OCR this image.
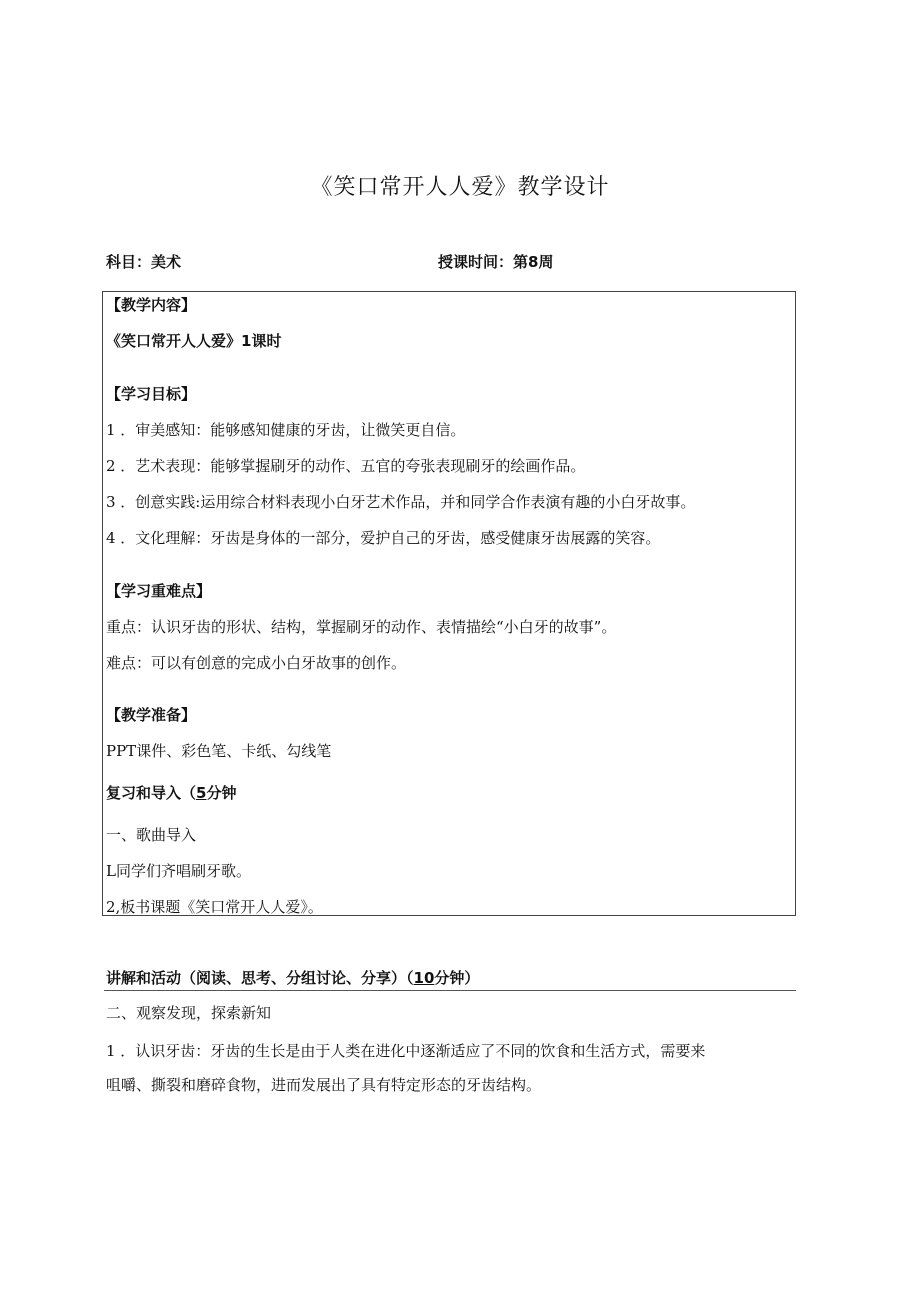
《笑口常开人人爱》教学设计
科目：美术	授课时间：第8周
【教学内容】
《笑口常开人人爱》1课时
【学习目标】
1 ．审美感知：能够感知健康的牙齿，让微笑更自信。
2 ．艺术表现：能够掌握刷牙的动作、五官的夸张表现刷牙的绘画作品。
3 ．创意实践:运用综合材料表现小白牙艺术作品，并和同学合作表演有趣的小白牙故事。
4 ．文化理解：牙齿是身体的一部分，爱护自己的牙齿，感受健康牙齿展露的笑容。
【学习重难点】
重点：认识牙齿的形状、结构，掌握刷牙的动作、表情描绘“小白牙的故事”。
难点：可以有创意的完成小白牙故事的创作。
【教学准备】
PPT课件、彩色笔、卡纸、勾线笔
复习和导入（5分钟
一、歌曲导入
L同学们齐唱刷牙歌。
2,板书课题《笑口常开人人爱》。
讲解和活动（阅读、思考、分组讨论、分享）（10分钟）
二、观察发现，探索新知
1 ．认识牙齿：牙齿的生长是由于人类在进化中逐渐适应了不同的饮食和生活方式，需要来
咀嚼、撕裂和磨碎食物，进而发展出了具有特定形态的牙齿结构。
